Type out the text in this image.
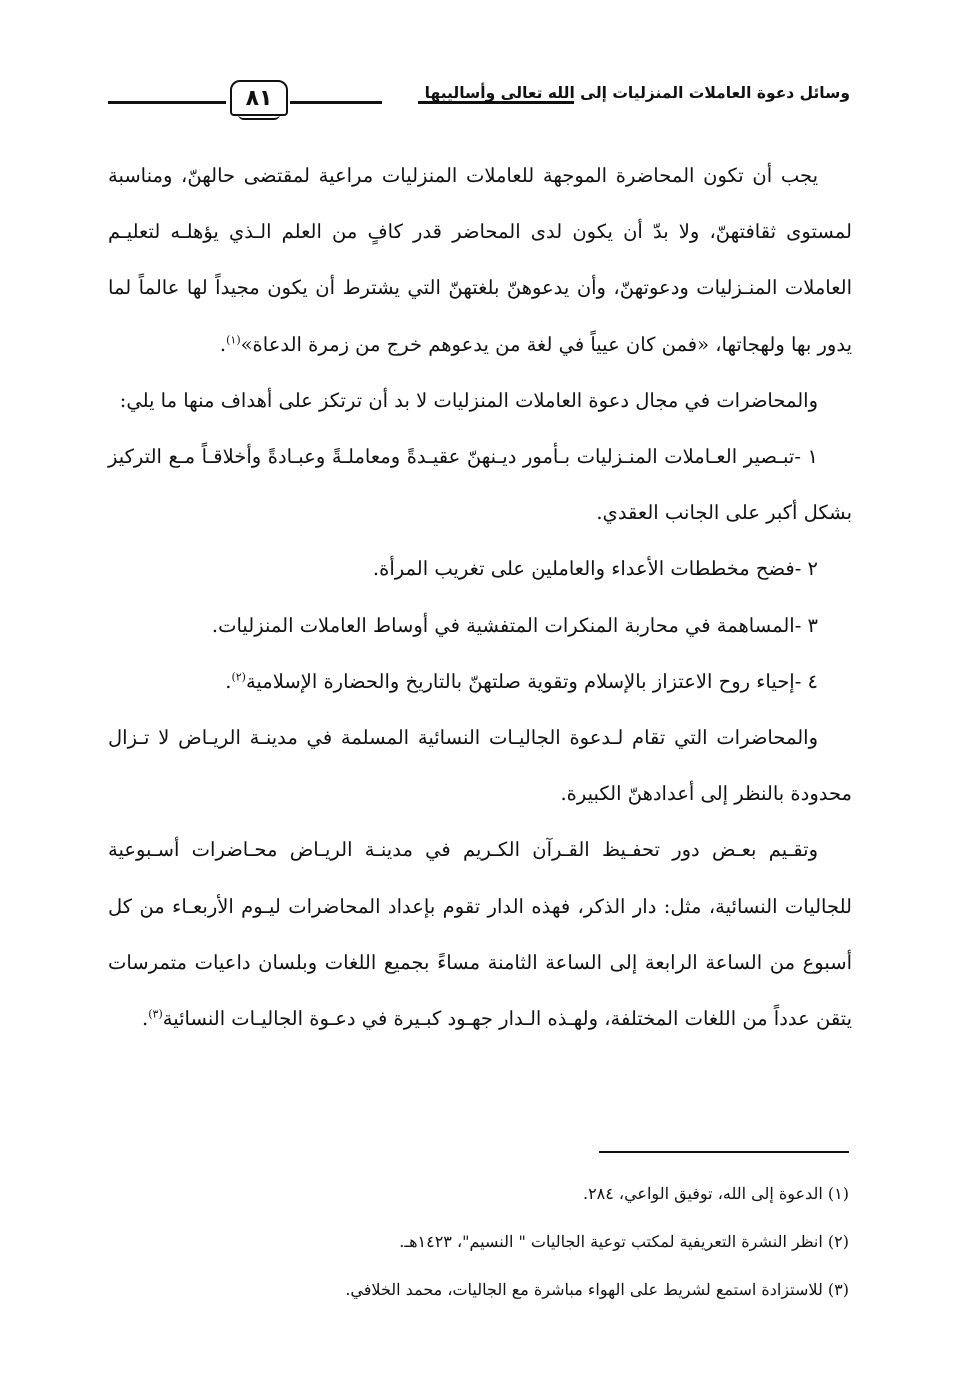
٨١	وسائل دعوة العاملات المنزليات إلى الله تعالى وأساليبها

يجب أن تكون المحاضرة الموجهة للعاملات المنزليات مراعية لمقتضى حالهنّ، ومناسبة لمستوى ثقافتهنّ، ولا بدّ أن يكون لدى المحاضر قدر كافٍ من العلم الـذي يؤهلـه لتعليـم العاملات المنـزليات ودعوتهنّ، وأن يدعوهنّ بلغتهنّ التي يشترط أن يكون مجيداً لها عالماً لما يدور بها ولهجاتها، «فمن كان عيياً في لغة من يدعوهم خرج من زمرة الدعاة»$^{(١)}$.

والمحاضرات في مجال دعوة العاملات المنزليات لا بد أن ترتكز على أهداف منها ما يلي:

١ -تبـصير العـاملات المنـزليات بـأمور ديـنهنّ عقيـدةً ومعاملـةً وعبـادةً وأخلاقـاً مـع التركيز بشكل أكبر على الجانب العقدي.

٢ -فضح مخططات الأعداء والعاملين على تغريب المرأة.

٣ -المساهمة في محاربة المنكرات المتفشية في أوساط العاملات المنزليات.

٤ -إحياء روح الاعتزاز بالإسلام وتقوية صلتهنّ بالتاريخ والحضارة الإسلامية$^{(٢)}$.

والمحاضرات التي تقام لـدعوة الجاليـات النسائية المسلمة في مدينـة الريـاض لا تـزال محدودة بالنظر إلى أعدادهنّ الكبيرة.

وتقـيم بعـض دور تحفـيظ القـرآن الكـريم في مدينـة الريـاض محـاضرات أسـبوعية للجاليات النسائية، مثل: دار الذكر، فهذه الدار تقوم بإعداد المحاضرات ليـوم الأربعـاء من كل أسبوع من الساعة الرابعة إلى الساعة الثامنة مساءً بجميع اللغات وبلسان داعيات متمرسات يتقن عدداً من اللغات المختلفة، ولهـذه الـدار جهـود كبـيرة في دعـوة الجاليـات النسائية$^{(٣)}$.

(١) الدعوة إلى الله، توفيق الواعي، ٢٨٤.

(٢) انظر النشرة التعريفية لمكتب توعية الجاليات " النسيم"، ١٤٢٣هـ.

(٣) للاستزادة استمع لشريط على الهواء مباشرة مع الجاليات، محمد الخلافي.
